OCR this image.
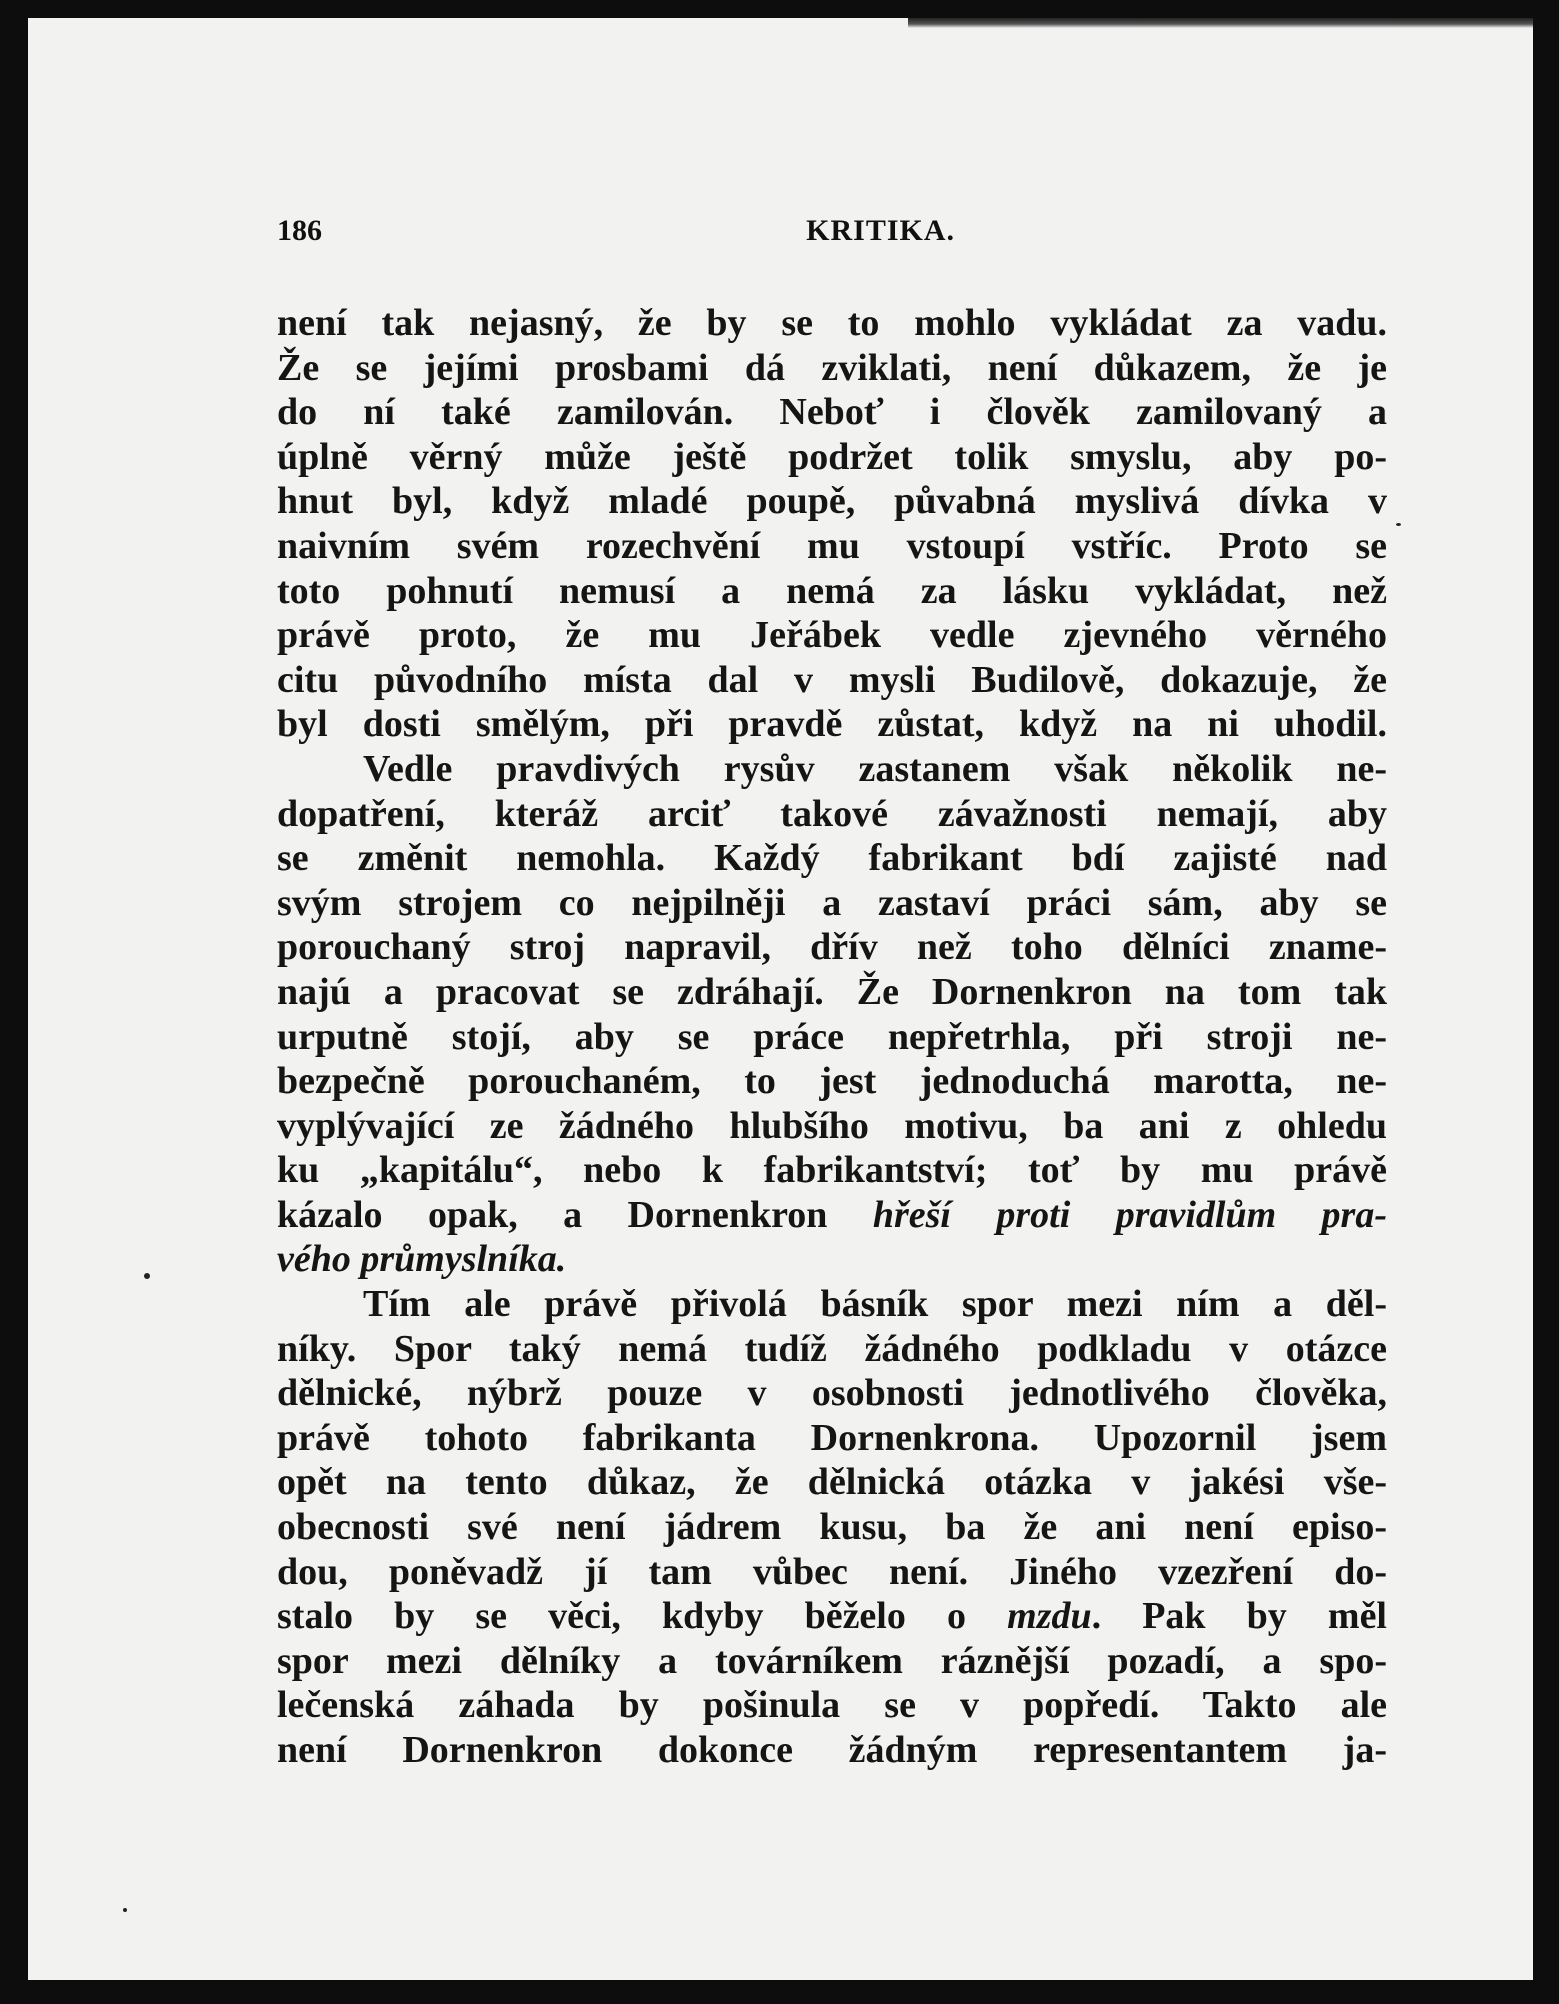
186	KRITIKA.
není tak nejasný, že by se to mohlo vykládat za vadu.
Že se jejími prosbami dá zviklati, není důkazem, že je
do ní také zamilován. Neboť i člověk zamilovaný a
úplně věrný může ještě podržet tolik smyslu, aby po-
hnut byl, když mladé poupě, půvabná myslivá dívka v
naivním svém rozechvění mu vstoupí vstříc. Proto se
toto pohnutí nemusí a nemá za lásku vykládat, než
právě proto, že mu Jeřábek vedle zjevného věrného
citu původního místa dal v mysli Budilově, dokazuje, že
byl dosti smělým, při pravdě zůstat, když na ni uhodil.
Vedle pravdivých rysův zastanem však několik ne-
dopatření, kteráž arciť takové závažnosti nemají, aby
se změnit nemohla. Každý fabrikant bdí zajisté nad
svým strojem co nejpilněji a zastaví práci sám, aby se
porouchaný stroj napravil, dřív než toho dělníci zname-
najú a pracovat se zdráhají. Že Dornenkron na tom tak
urputně stojí, aby se práce nepřetrhla, při stroji ne-
bezpečně porouchaném, to jest jednoduchá marotta, ne-
vyplývající ze žádného hlubšího motivu, ba ani z ohledu
ku „kapitálu“, nebo k fabrikantství; toť by mu právě
kázalo opak, a Dornenkron hřeší proti pravidlům pra-
vého průmyslníka.
Tím ale právě přivolá básník spor mezi ním a děl-
níky. Spor taký nemá tudíž žádného podkladu v otázce
dělnické, nýbrž pouze v osobnosti jednotlivého člověka,
právě tohoto fabrikanta Dornenkrona. Upozornil jsem
opět na tento důkaz, že dělnická otázka v jakési vše-
obecnosti své není jádrem kusu, ba že ani není episo-
dou, poněvadž jí tam vůbec není. Jiného vzezření do-
stalo by se věci, kdyby běželo o mzdu. Pak by měl
spor mezi dělníky a továrníkem ráznější pozadí, a spo-
lečenská záhada by pošinula se v popředí. Takto ale
není Dornenkron dokonce žádným representantem ja-
